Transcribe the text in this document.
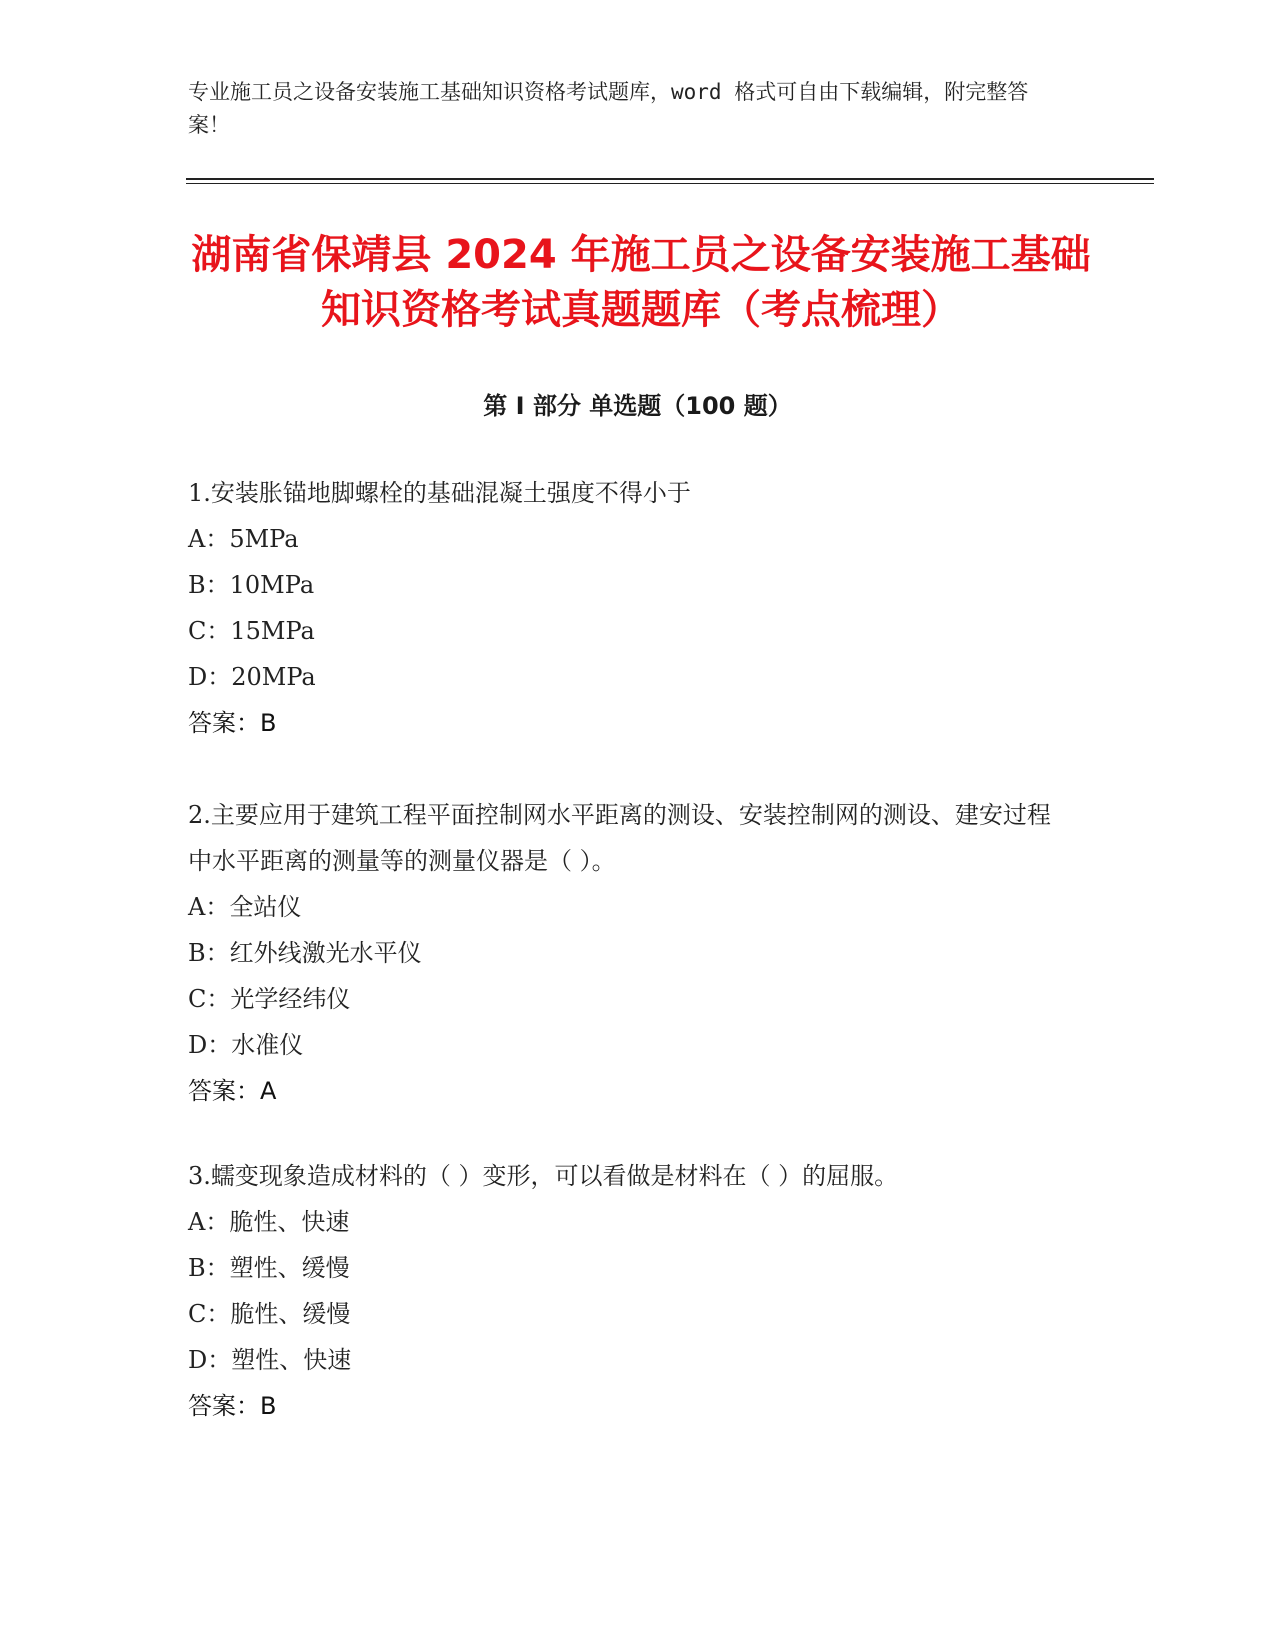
专业施工员之设备安装施工基础知识资格考试题库，word 格式可自由下载编辑，附完整答案！
湖南省保靖县 2024 年施工员之设备安装施工基础知识资格考试真题题库（考点梳理）
第 I 部分 单选题（100 题）

1.安装胀锚地脚螺栓的基础混凝土强度不得小于

A：5MPa

B：10MPa

C：15MPa

D：20MPa

答案：B

2.主要应用于建筑工程平面控制网水平距离的测设、安装控制网的测设、建安过程中水平距离的测量等的测量仪器是（ ）。

A：全站仪

B：红外线激光水平仪

C：光学经纬仪

D：水准仪

答案：A

3.蠕变现象造成材料的（ ）变形，可以看做是材料在（ ）的屈服。

A：脆性、快速

B：塑性、缓慢

C：脆性、缓慢

D：塑性、快速

答案：B
